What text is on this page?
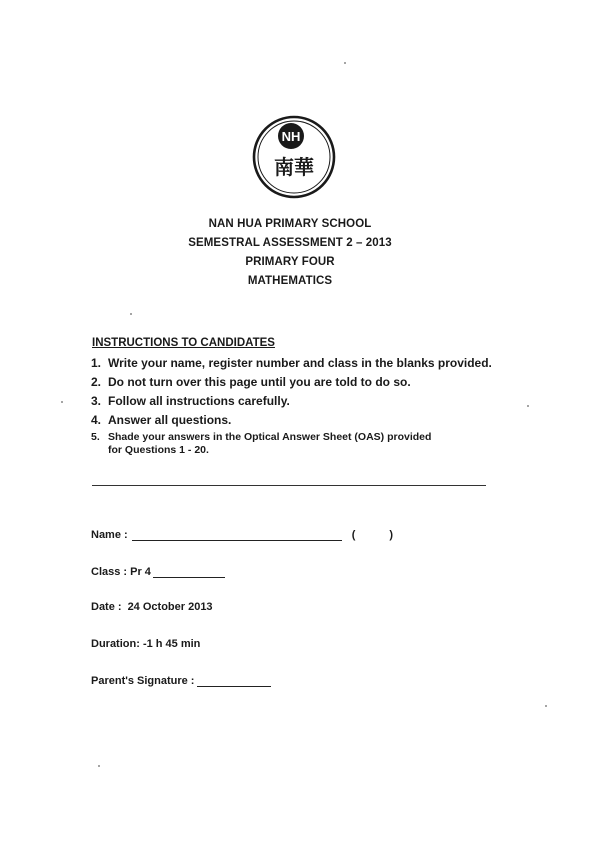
NH
南華
NAN HUA PRIMARY SCHOOL
SEMESTRAL ASSESSMENT 2 – 2013
PRIMARY FOUR
MATHEMATICS
INSTRUCTIONS TO CANDIDATES
1. Write your name, register number and class in the blanks provided.
2. Do not turn over this page until you are told to do so.
3. Follow all instructions carefully.
4. Answer all questions.
5. Shade your answers in the Optical Answer Sheet (OAS) provided for Questions 1 - 20.
Name :	(	)
Class : Pr 4
Date : 24 October 2013
Duration: -1 h 45 min
Parent's Signature :
